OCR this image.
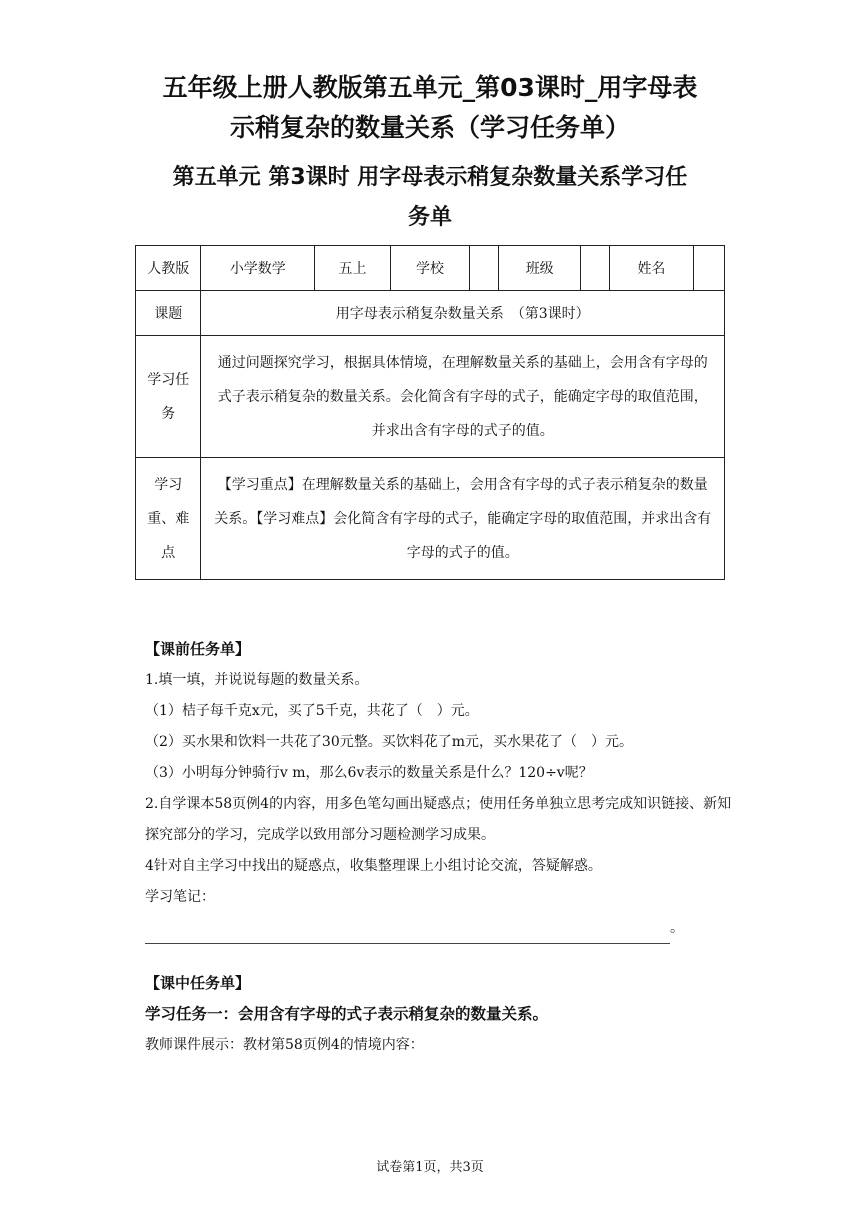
五年级上册人教版第五单元_第03课时_用字母表
示稍复杂的数量关系（学习任务单）
第五单元 第3课时 用字母表示稍复杂数量关系学习任
务单
人教版	小学数学	五上	学校		班级		姓名	
课题	用字母表示稍复杂数量关系　（第3课时）							

学习任
务	通过问题探究学习，根据具体情境，在理解数量关系的基础上，会用含有字母的式子表示稍复杂的数量关系。会化简含有字母的式子，能确定字母的取值范围，并求出含有字母的式子的值。							

学习
重、难
点	【学习重点】在理解数量关系的基础上，会用含有字母的式子表示稍复杂的数量关系。【学习难点】会化简含有字母的式子，能确定字母的取值范围，并求出含有字母的式子的值。							
【课前任务单】
1.填一填，并说说每题的数量关系。
（1）桔子每千克x元，买了5千克，共花了（　）元。
（2）买水果和饮料一共花了30元整。买饮料花了m元，买水果花了（　）元。
（3）小明每分钟骑行v m，那么6v表示的数量关系是什么？120÷v呢？
2.自学课本58页例4的内容，用多色笔勾画出疑惑点；使用任务单独立思考完成知识链接、新知探究部分的学习，完成学以致用部分习题检测学习成果。
4针对自主学习中找出的疑惑点，收集整理课上小组讨论交流，答疑解惑。
学习笔记：
。
【课中任务单】
学习任务一：会用含有字母的式子表示稍复杂的数量关系。
教师课件展示：教材第58页例4的情境内容：
试卷第1页，共3页
